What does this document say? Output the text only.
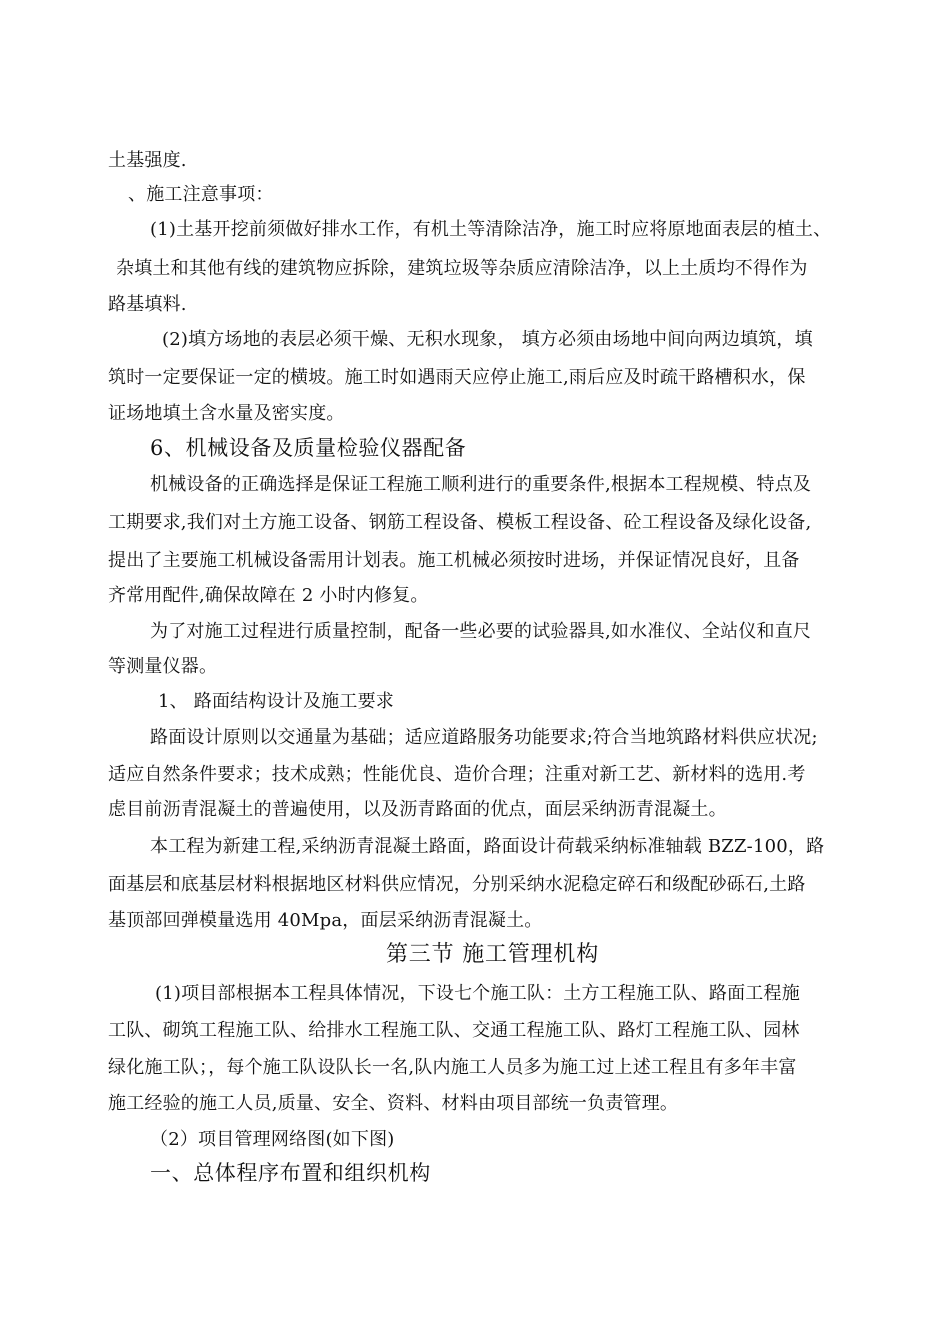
土基强度.
、施工注意事项：
(1)土基开挖前须做好排水工作，有机土等清除洁净，施工时应将原地面表层的植土、
杂填土和其他有线的建筑物应拆除，建筑垃圾等杂质应清除洁净，以上土质均不得作为
路基填料.
(2)填方场地的表层必须干燥、无积水现象， 填方必须由场地中间向两边填筑，填
筑时一定要保证一定的横坡。施工时如遇雨天应停止施工,雨后应及时疏干路槽积水，保
证场地填土含水量及密实度。
6、机械设备及质量检验仪器配备
机械设备的正确选择是保证工程施工顺利进行的重要条件,根据本工程规模、特点及
工期要求,我们对土方施工设备、钢筋工程设备、模板工程设备、砼工程设备及绿化设备,
提出了主要施工机械设备需用计划表。施工机械必须按时进场，并保证情况良好，且备
齐常用配件,确保故障在 2 小时内修复。
为了对施工过程进行质量控制，配备一些必要的试验器具,如水准仪、全站仪和直尺
等测量仪器。
1、 路面结构设计及施工要求
路面设计原则以交通量为基础；适应道路服务功能要求;符合当地筑路材料供应状况;
适应自然条件要求；技术成熟；性能优良、造价合理；注重对新工艺、新材料的选用.考
虑目前沥青混凝土的普遍使用，以及沥青路面的优点，面层采纳沥青混凝土。
本工程为新建工程,采纳沥青混凝土路面，路面设计荷载采纳标准轴载 BZZ-100，路
面基层和底基层材料根据地区材料供应情况，分别采纳水泥稳定碎石和级配砂砾石,土路
基顶部回弹模量选用 40Mpa，面层采纳沥青混凝土。
第三节 施工管理机构
(1)项目部根据本工程具体情况，下设七个施工队：土方工程施工队、路面工程施
工队、砌筑工程施工队、给排水工程施工队、交通工程施工队、路灯工程施工队、园林
绿化施工队；，每个施工队设队长一名,队内施工人员多为施工过上述工程且有多年丰富
施工经验的施工人员,质量、安全、资料、材料由项目部统一负责管理。
（2）项目管理网络图(如下图)
一、总体程序布置和组织机构
